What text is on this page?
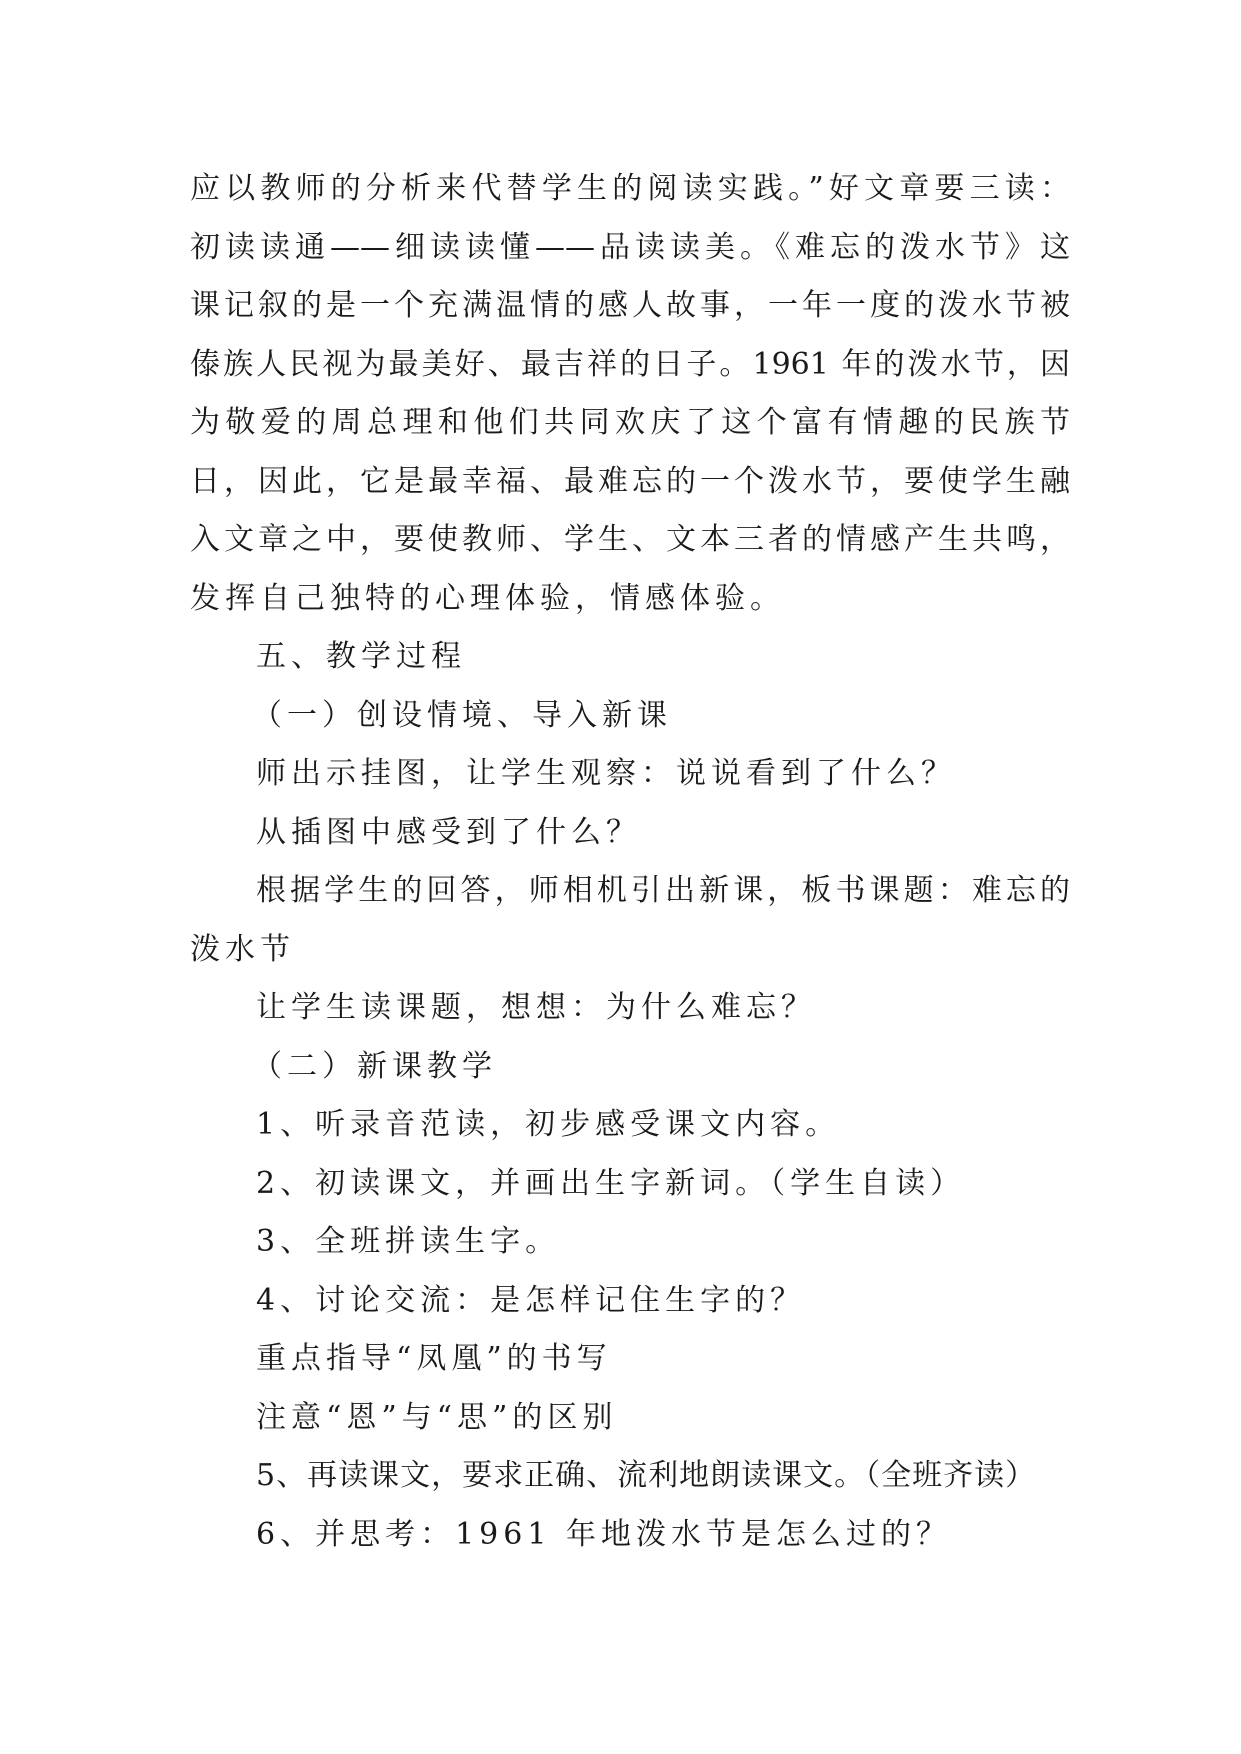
应以教师的分析来代替学生的阅读实践。”好文章要三读：
初读读通——细读读懂——品读读美。《难忘的泼水节》这
课记叙的是一个充满温情的感人故事，一年一度的泼水节被
傣族人民视为最美好、最吉祥的日子。1961 年的泼水节，因
为敬爱的周总理和他们共同欢庆了这个富有情趣的民族节
日，因此，它是最幸福、最难忘的一个泼水节，要使学生融
入文章之中，要使教师、学生、文本三者的情感产生共鸣，
发挥自己独特的心理体验，情感体验。
五、教学过程
（一）创设情境、导入新课
师出示挂图，让学生观察：说说看到了什么？
从插图中感受到了什么？
根据学生的回答，师相机引出新课，板书课题：难忘的
泼水节
让学生读课题，想想：为什么难忘？
（二）新课教学
1、听录音范读，初步感受课文内容。
2、初读课文，并画出生字新词。（学生自读）
3、全班拼读生字。
4、讨论交流：是怎样记住生字的？
重点指导“凤凰”的书写
注意“恩”与“思”的区别
5、再读课文，要求正确、流利地朗读课文。（全班齐读）
6、并思考：1961 年地泼水节是怎么过的？
